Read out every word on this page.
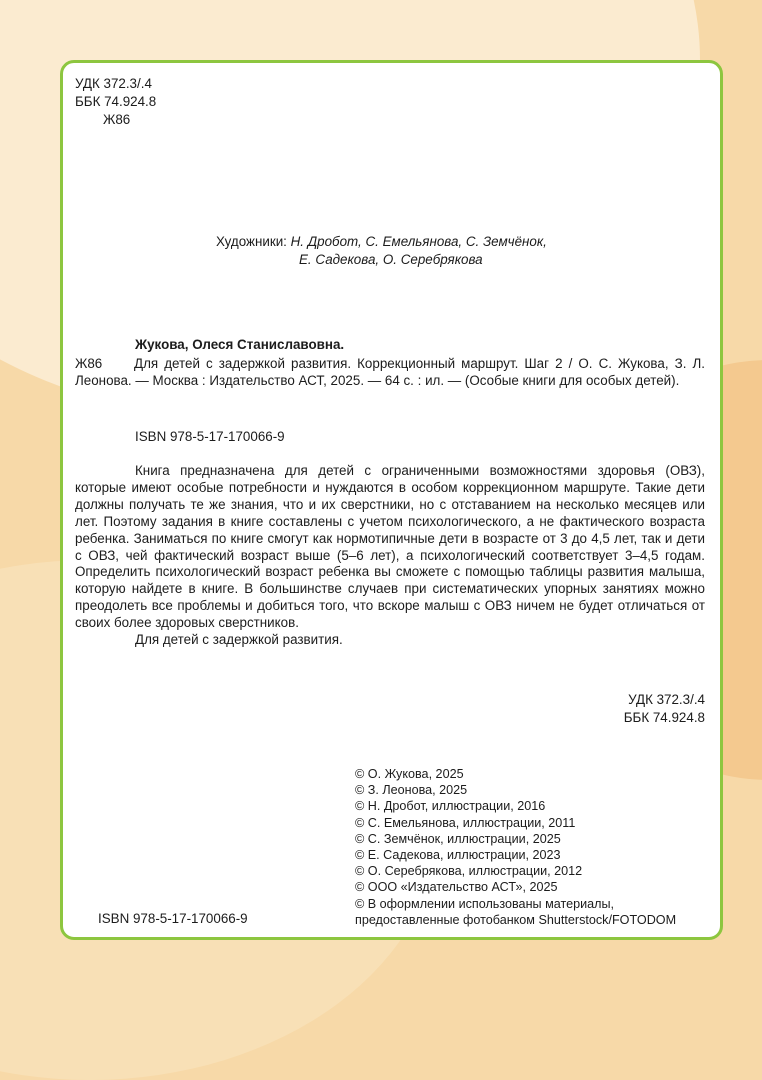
УДК 372.3/.4
ББК 74.924.8
Ж86
Художники: Н. Дробот, С. Емельянова, С. Земчёнок,
Е. Садекова, О. Серебрякова
Жукова, Олеся Станиславовна.
Ж86	Для детей с задержкой развития. Коррекционный маршрут. Шаг 2 / О. С. Жукова, З. Л. Леонова. — Москва : Издательство АСТ, 2025. — 64 с. : ил. — (Особые книги для особых детей).
ISBN 978-5-17-170066-9

Книга предназначена для детей с ограниченными возможностями здоровья (ОВЗ), которые имеют особые потребности и нуждаются в особом коррекционном маршруте. Такие дети должны получать те же знания, что и их сверстники, но с отставанием на несколько месяцев или лет. Поэтому задания в книге составлены с учетом психологического, а не фактического возраста ребенка. Заниматься по книге смогут как нормотипичные дети в возрасте от 3 до 4,5 лет, так и дети с ОВЗ, чей фактический возраст выше (5–6 лет), а психологический соответствует 3–4,5 годам. Определить психологический возраст ребенка вы сможете с помощью таблицы развития малыша, которую найдете в книге. В большинстве случаев при систематических упорных занятиях можно преодолеть все проблемы и добиться того, что вскоре малыш с ОВЗ ничем не будет отличаться от своих более здоровых сверстников.

Для детей с задержкой развития.

УДК 372.3/.4
ББК 74.924.8
© О. Жукова, 2025
© З. Леонова, 2025
© Н. Дробот, иллюстрации, 2016
© С. Емельянова, иллюстрации, 2011
© С. Земчёнок, иллюстрации, 2025
© Е. Садекова, иллюстрации, 2023
© О. Серебрякова, иллюстрации, 2012
© ООО «Издательство АСТ», 2025
© В оформлении использованы материалы,
предоставленные фотобанком Shutterstock/FOTODOM
ISBN 978-5-17-170066-9
